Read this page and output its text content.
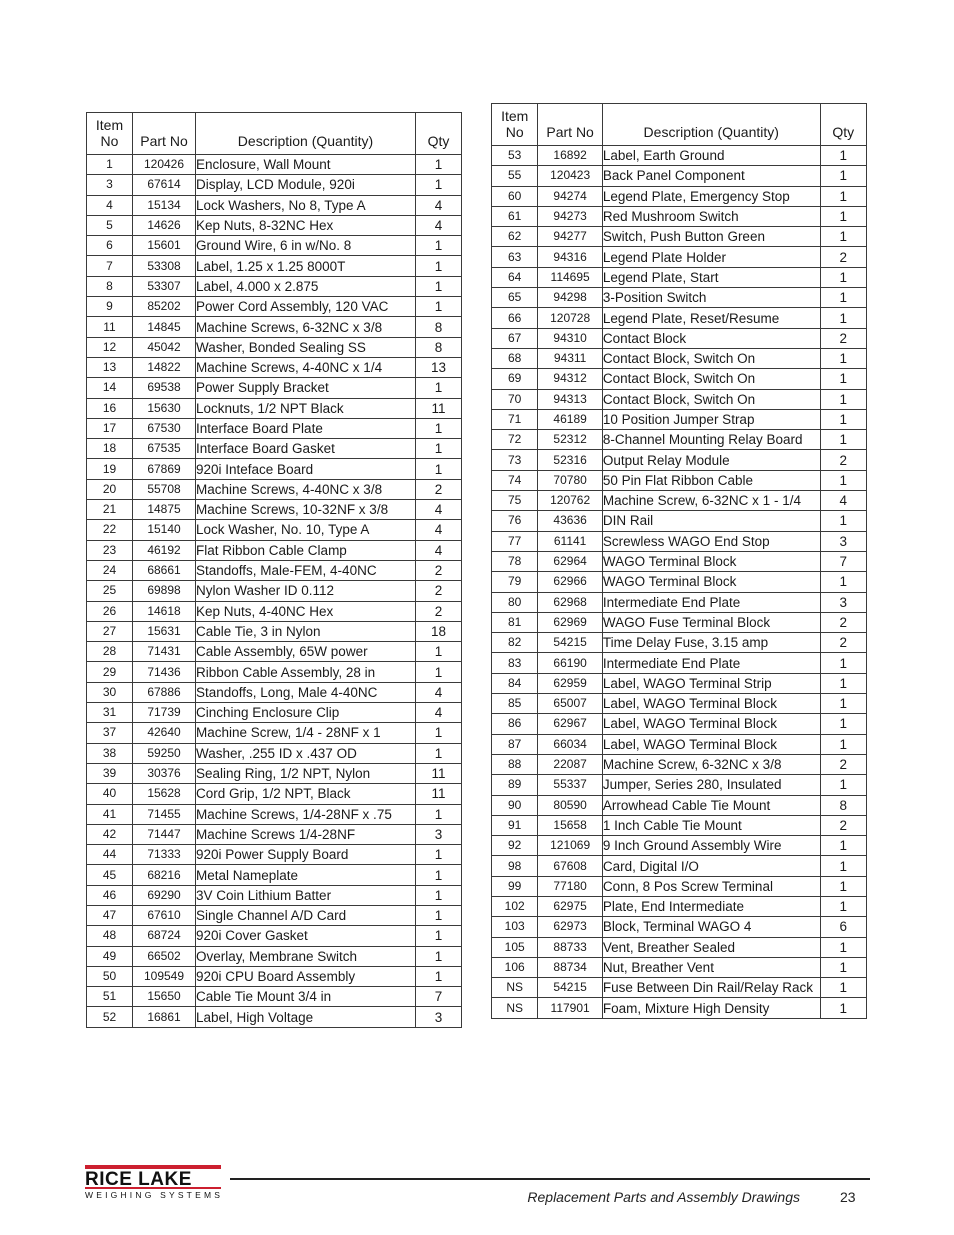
Item No	Part No	Description (Quantity)	Qty
1	120426	Enclosure, Wall Mount	1
3	67614	Display, LCD Module, 920i	1
4	15134	Lock Washers, No 8, Type A	4
5	14626	Kep Nuts, 8-32NC Hex	4
6	15601	Ground Wire, 6 in w/No. 8	1
7	53308	Label, 1.25 x 1.25 8000T	1
8	53307	Label, 4.000 x 2.875	1
9	85202	Power Cord Assembly, 120 VAC	1
11	14845	Machine Screws, 6-32NC x 3/8	8
12	45042	Washer, Bonded Sealing SS	8
13	14822	Machine Screws, 4-40NC x 1/4	13
14	69538	Power Supply Bracket	1
16	15630	Locknuts, 1/2 NPT Black	11
17	67530	Interface Board Plate	1
18	67535	Interface Board Gasket	1
19	67869	920i Inteface Board	1
20	55708	Machine Screws, 4-40NC x 3/8	2
21	14875	Machine Screws, 10-32NF x 3/8	4
22	15140	Lock Washer, No. 10, Type A	4
23	46192	Flat Ribbon Cable Clamp	4
24	68661	Standoffs, Male-FEM, 4-40NC	2
25	69898	Nylon Washer ID 0.112	2
26	14618	Kep Nuts, 4-40NC Hex	2
27	15631	Cable Tie, 3 in Nylon	18
28	71431	Cable Assembly, 65W power	1
29	71436	Ribbon Cable Assembly, 28 in	1
30	67886	Standoffs, Long, Male 4-40NC	4
31	71739	Cinching Enclosure Clip	4
37	42640	Machine Screw, 1/4 - 28NF x 1	1
38	59250	Washer, .255 ID x .437 OD	1
39	30376	Sealing Ring, 1/2 NPT, Nylon	11
40	15628	Cord Grip, 1/2 NPT, Black	11
41	71455	Machine Screws, 1/4-28NF x .75	1
42	71447	Machine Screws 1/4-28NF	3
44	71333	920i Power Supply Board	1
45	68216	Metal Nameplate	1
46	69290	3V Coin Lithium Batter	1
47	67610	Single Channel A/D Card	1
48	68724	920i Cover Gasket	1
49	66502	Overlay, Membrane Switch	1
50	109549	920i CPU Board Assembly	1
51	15650	Cable Tie Mount 3/4 in	7
52	16861	Label, High Voltage	3
Item No	Part No	Description (Quantity)	Qty
53	16892	Label, Earth Ground	1
55	120423	Back Panel Component	1
60	94274	Legend Plate, Emergency Stop	1
61	94273	Red Mushroom Switch	1
62	94277	Switch, Push Button Green	1
63	94316	Legend Plate Holder	2
64	114695	Legend Plate, Start	1
65	94298	3-Position Switch	1
66	120728	Legend Plate, Reset/Resume	1
67	94310	Contact Block	2
68	94311	Contact Block, Switch On	1
69	94312	Contact Block, Switch On	1
70	94313	Contact Block, Switch On	1
71	46189	10 Position Jumper Strap	1
72	52312	8-Channel Mounting Relay Board	1
73	52316	Output Relay Module	2
74	70780	50 Pin Flat Ribbon Cable	1
75	120762	Machine Screw, 6-32NC x 1 - 1/4	4
76	43636	DIN Rail	1
77	61141	Screwless WAGO End Stop	3
78	62964	WAGO Terminal Block	7
79	62966	WAGO Terminal Block	1
80	62968	Intermediate End Plate	3
81	62969	WAGO Fuse Terminal Block	2
82	54215	Time Delay Fuse, 3.15 amp	2
83	66190	Intermediate End Plate	1
84	62959	Label, WAGO Terminal Strip	1
85	65007	Label, WAGO Terminal Block	1
86	62967	Label, WAGO Terminal Block	1
87	66034	Label, WAGO Terminal Block	1
88	22087	Machine Screw, 6-32NC x 3/8	2
89	55337	Jumper, Series 280, Insulated	1
90	80590	Arrowhead Cable Tie Mount	8
91	15658	1 Inch Cable Tie Mount	2
92	121069	9 Inch Ground Assembly Wire	1
98	67608	Card, Digital I/O	1
99	77180	Conn, 8 Pos Screw Terminal	1
102	62975	Plate, End Intermediate	1
103	62973	Block, Terminal WAGO 4	6
105	88733	Vent, Breather Sealed	1
106	88734	Nut, Breather Vent	1
NS	54215	Fuse Between Din Rail/Relay Rack	1
NS	117901	Foam, Mixture High Density	1
RICE LAKE
WEIGHING SYSTEMS	Replacement Parts and Assembly Drawings	23
